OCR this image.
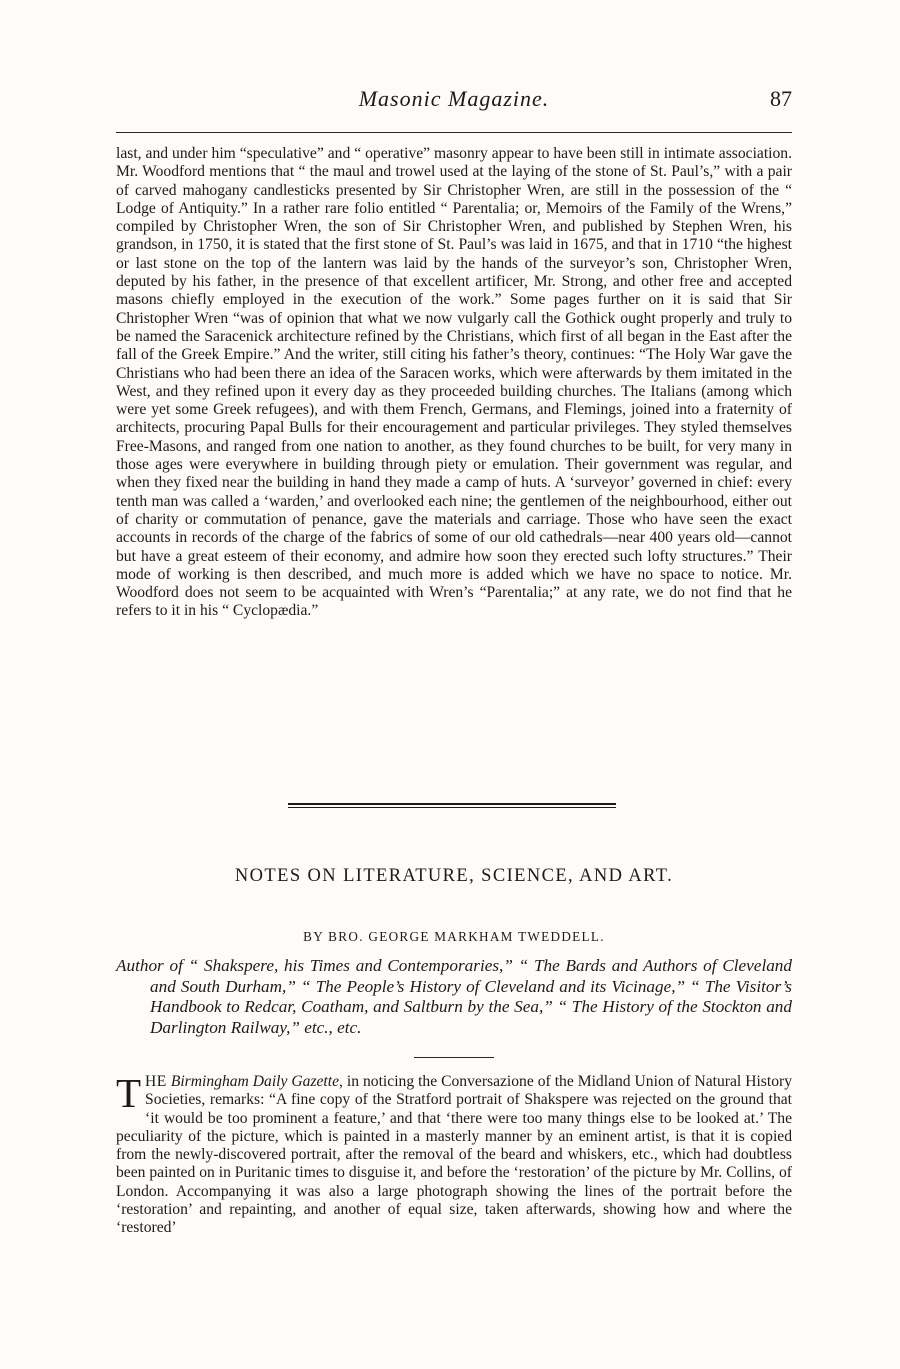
Masonic Magazine.	87

last, and under him “speculative” and “ operative” masonry appear to have been still in intimate association. Mr. Woodford mentions that “ the maul and trowel used at the laying of the stone of St. Paul’s,” with a pair of carved mahogany candlesticks presented by Sir Christopher Wren, are still in the possession of the “ Lodge of Antiquity.” In a rather rare folio entitled “ Parentalia; or, Memoirs of the Family of the Wrens,” compiled by Christopher Wren, the son of Sir Christopher Wren, and published by Stephen Wren, his grandson, in 1750, it is stated that the first stone of St. Paul’s was laid in 1675, and that in 1710 “the highest or last stone on the top of the lantern was laid by the hands of the surveyor’s son, Christopher Wren, deputed by his father, in the presence of that excellent artificer, Mr. Strong, and other free and accepted masons chiefly employed in the execution of the work.” Some pages further on it is said that Sir Christopher Wren “was of opinion that what we now vulgarly call the Gothick ought properly and truly to be named the Saracenick architecture refined by the Christians, which first of all began in the East after the fall of the Greek Empire.” And the writer, still citing his father’s theory, continues: “The Holy War gave the Christians who had been there an idea of the Saracen works, which were afterwards by them imitated in the West, and they refined upon it every day as they proceeded building churches. The Italians (among which were yet some Greek refugees), and with them French, Germans, and Flemings, joined into a fraternity of architects, procuring Papal Bulls for their encouragement and particular privileges. They styled themselves Free-Masons, and ranged from one nation to another, as they found churches to be built, for very many in those ages were everywhere in building through piety or emulation. Their government was regular, and when they fixed near the building in hand they made a camp of huts. A ‘surveyor’ governed in chief: every tenth man was called a ‘warden,’ and overlooked each nine; the gentlemen of the neighbourhood, either out of charity or commutation of penance, gave the materials and carriage. Those who have seen the exact accounts in records of the charge of the fabrics of some of our old cathedrals—near 400 years old—cannot but have a great esteem of their economy, and admire how soon they erected such lofty structures.” Their mode of working is then described, and much more is added which we have no space to notice. Mr. Woodford does not seem to be acquainted with Wren’s “Parentalia;” at any rate, we do not find that he refers to it in his “ Cyclopædia.”

NOTES ON LITERATURE, SCIENCE, AND ART.
BY BRO. GEORGE MARKHAM TWEDDELL.
Author of “ Shakspere, his Times and Contemporaries,” “ The Bards and Authors of Cleveland and South Durham,” “ The People’s History of Cleveland and its Vicinage,” “ The Visitor’s Handbook to Redcar, Coatham, and Saltburn by the Sea,” “ The History of the Stockton and Darlington Railway,” etc., etc.

THE Birmingham Daily Gazette, in noticing the Conversazione of the Midland Union of Natural History Societies, remarks: “A fine copy of the Stratford portrait of Shakspere was rejected on the ground that ‘it would be too prominent a feature,’ and that ‘there were too many things else to be looked at.’ The peculiarity of the picture, which is painted in a masterly manner by an eminent artist, is that it is copied from the newly-discovered portrait, after the removal of the beard and whiskers, etc., which had doubtless been painted on in Puritanic times to disguise it, and before the ‘restoration’ of the picture by Mr. Collins, of London. Accompanying it was also a large photograph showing the lines of the portrait before the ‘restoration’ and repainting, and another of equal size, taken afterwards, showing how and where the ‘restored’
